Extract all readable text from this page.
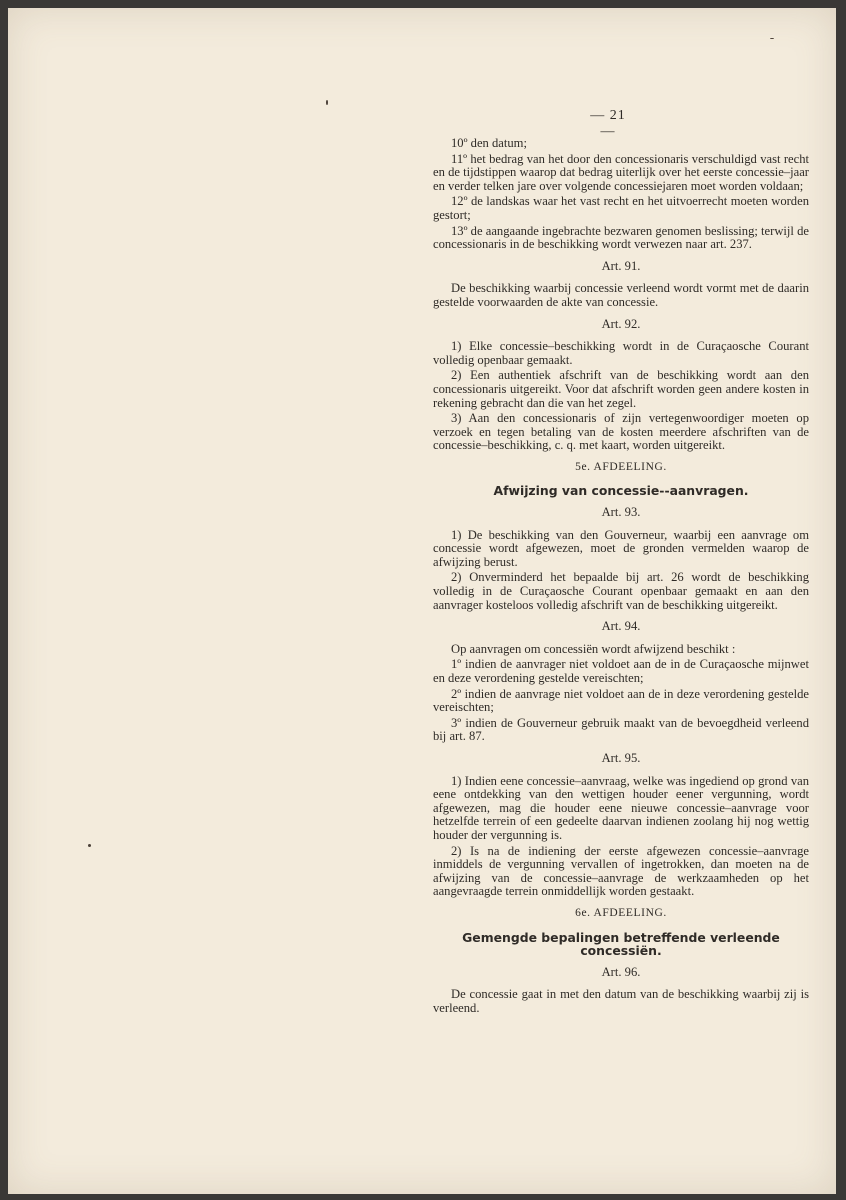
— 21 —

10º den datum;

11º het bedrag van het door den concessionaris verschuldigd vast recht en de tijdstippen waarop dat bedrag uiterlijk over het eerste concessie–jaar en verder telken jare over volgende concessiejaren moet worden voldaan;

12º de landskas waar het vast recht en het uitvoerrecht moeten worden gestort;

13º de aangaande ingebrachte bezwaren genomen beslissing; terwijl de concessionaris in de beschikking wordt verwezen naar art. 237.

Art. 91.

De beschikking waarbij concessie verleend wordt vormt met de daarin gestelde voorwaarden de akte van concessie.

Art. 92.

1) Elke concessie–beschikking wordt in de Curaçaosche Courant volledig openbaar gemaakt.

2) Een authentiek afschrift van de beschikking wordt aan den concessionaris uitgereikt. Voor dat afschrift worden geen andere kosten in rekening gebracht dan die van het zegel.

3) Aan den concessionaris of zijn vertegenwoordiger moeten op verzoek en tegen betaling van de kosten meerdere afschriften van de concessie–beschikking, c. q. met kaart, worden uitgereikt.

5e. AFDEELING.

Afwijzing van concessie--aanvragen.

Art. 93.

1) De beschikking van den Gouverneur, waarbij een aanvrage om concessie wordt afgewezen, moet de gronden vermelden waarop de afwijzing berust.

2) Onverminderd het bepaalde bij art. 26 wordt de beschikking volledig in de Curaçaosche Courant openbaar gemaakt en aan den aanvrager kosteloos volledig afschrift van de beschikking uitgereikt.

Art. 94.

Op aanvragen om concessiën wordt afwijzend beschikt :

1º indien de aanvrager niet voldoet aan de in de Curaçaosche mijnwet en deze verordening gestelde vereischten;

2º indien de aanvrage niet voldoet aan de in deze verordening gestelde vereischten;

3º indien de Gouverneur gebruik maakt van de bevoegdheid verleend bij art. 87.

Art. 95.

1) Indien eene concessie–aanvraag, welke was ingediend op grond van eene ontdekking van den wettigen houder eener vergunning, wordt afgewezen, mag die houder eene nieuwe concessie–aanvrage voor hetzelfde terrein of een gedeelte daarvan indienen zoolang hij nog wettig houder der vergunning is.

2) Is na de indiening der eerste afgewezen concessie–aanvrage inmiddels de vergunning vervallen of ingetrokken, dan moeten na de afwijzing van de concessie–aanvrage de werkzaamheden op het aangevraagde terrein onmiddellijk worden gestaakt.

6e. AFDEELING.

Gemengde bepalingen betreffende verleende concessiën.

Art. 96.

De concessie gaat in met den datum van de beschikking waarbij zij is verleend.
